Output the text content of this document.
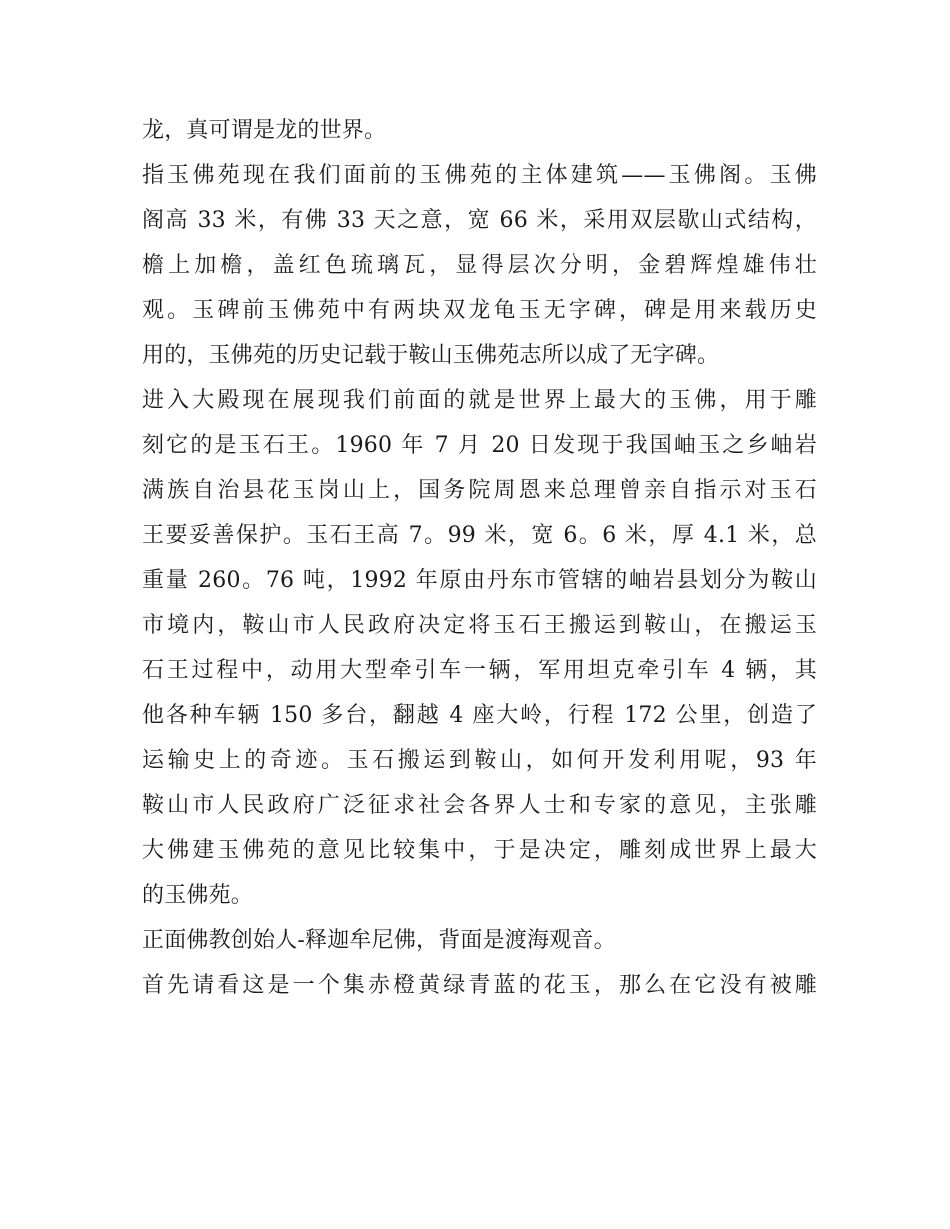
龙，真可谓是龙的世界。
指玉佛苑现在我们面前的玉佛苑的主体建筑——玉佛阁。玉佛
阁高 33 米，有佛 33 天之意，宽 66 米，采用双层歇山式结构，
檐上加檐，盖红色琉璃瓦，显得层次分明，金碧辉煌雄伟壮
观。玉碑前玉佛苑中有两块双龙龟玉无字碑，碑是用来载历史
用的，玉佛苑的历史记载于鞍山玉佛苑志所以成了无字碑。
进入大殿现在展现我们前面的就是世界上最大的玉佛，用于雕
刻它的是玉石王。1960 年 7 月 20 日发现于我国岫玉之乡岫岩
满族自治县花玉岗山上，国务院周恩来总理曾亲自指示对玉石
王要妥善保护。玉石王高 7。99 米，宽 6。6 米，厚 4.1 米，总
重量 260。76 吨，1992 年原由丹东市管辖的岫岩县划分为鞍山
市境内，鞍山市人民政府决定将玉石王搬运到鞍山，在搬运玉
石王过程中，动用大型牵引车一辆，军用坦克牵引车 4 辆，其
他各种车辆 150 多台，翻越 4 座大岭，行程 172 公里，创造了
运输史上的奇迹。玉石搬运到鞍山，如何开发利用呢，93 年
鞍山市人民政府广泛征求社会各界人士和专家的意见，主张雕
大佛建玉佛苑的意见比较集中，于是决定，雕刻成世界上最大
的玉佛苑。
正面佛教创始人-释迦牟尼佛，背面是渡海观音。
首先请看这是一个集赤橙黄绿青蓝的花玉，那么在它没有被雕
